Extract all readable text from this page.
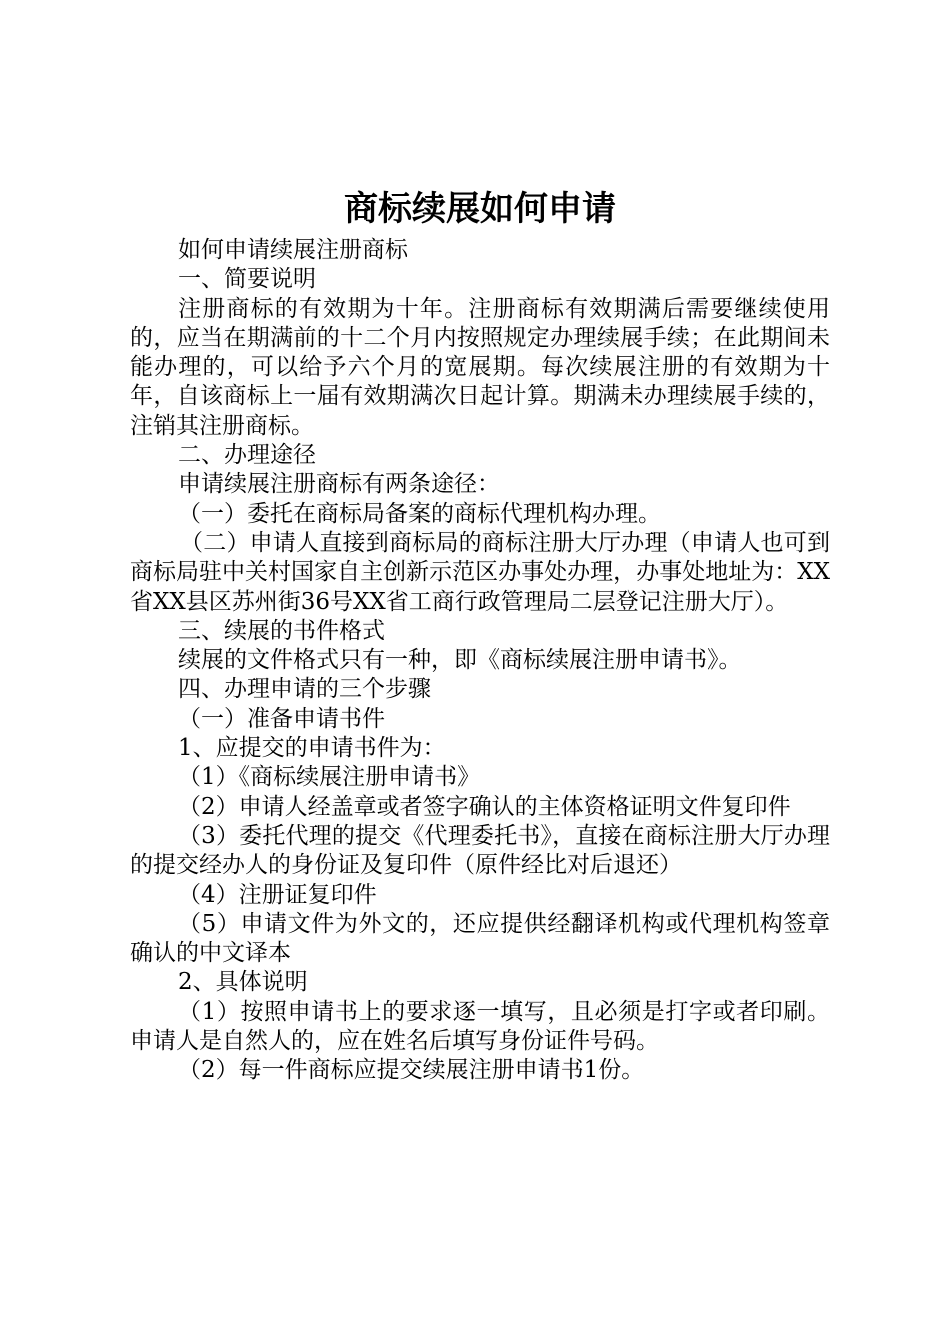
商标续展如何申请

如何申请续展注册商标

一、简要说明

注册商标的有效期为十年。注册商标有效期满后需要继续使用的，应当在期满前的十二个月内按照规定办理续展手续；在此期间未能办理的，可以给予六个月的宽展期。每次续展注册的有效期为十年，自该商标上一届有效期满次日起计算。期满未办理续展手续的，注销其注册商标。

二、办理途径

申请续展注册商标有两条途径：

（一）委托在商标局备案的商标代理机构办理。

（二）申请人直接到商标局的商标注册大厅办理（申请人也可到商标局驻中关村国家自主创新示范区办事处办理，办事处地址为：XX省XX县区苏州街36号XX省工商行政管理局二层登记注册大厅）。

三、续展的书件格式

续展的文件格式只有一种，即《商标续展注册申请书》。

四、办理申请的三个步骤

（一）准备申请书件

1、应提交的申请书件为：

（1）《商标续展注册申请书》

（2）申请人经盖章或者签字确认的主体资格证明文件复印件

（3）委托代理的提交《代理委托书》，直接在商标注册大厅办理的提交经办人的身份证及复印件（原件经比对后退还）

（4）注册证复印件

（5）申请文件为外文的，还应提供经翻译机构或代理机构签章确认的中文译本

2、具体说明

（1）按照申请书上的要求逐一填写，且必须是打字或者印刷。申请人是自然人的，应在姓名后填写身份证件号码。

（2）每一件商标应提交续展注册申请书1份。
